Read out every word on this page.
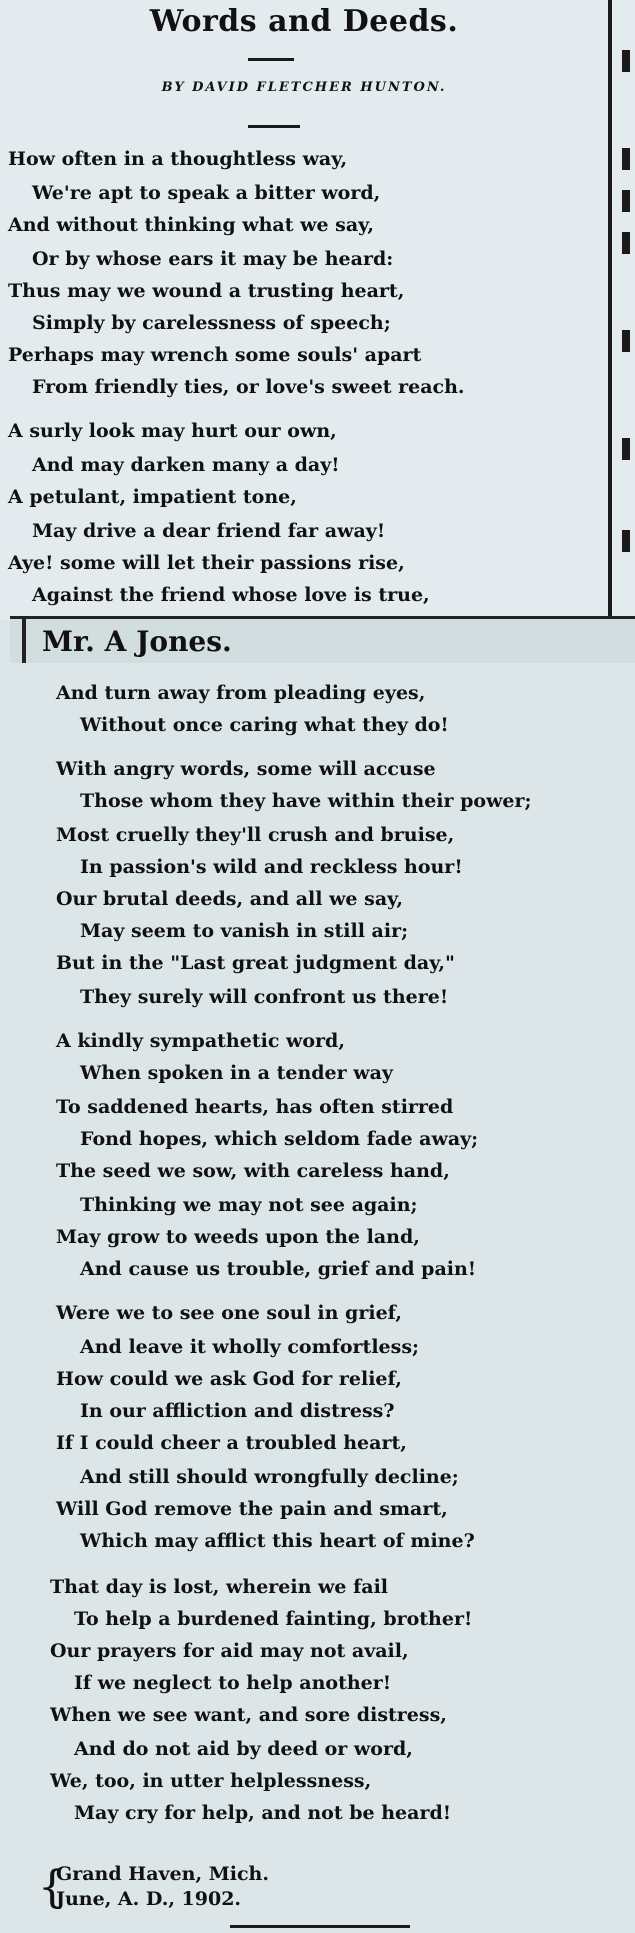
Words and Deeds.

BY DAVID FLETCHER HUNTON.

How often in a thoughtless way,
We're apt to speak a bitter word,
And without thinking what we say,
Or by whose ears it may be heard:
Thus may we wound a trusting heart,
Simply by carelessness of speech;
Perhaps may wrench some souls' apart
From friendly ties, or love's sweet reach.
A surly look may hurt our own,
And may darken many a day!
A petulant, impatient tone,
May drive a dear friend far away!
Aye! some will let their passions rise,
Against the friend whose love is true,
And turn away from pleading eyes,
Without once caring what they do!
With angry words, some will accuse
Those whom they have within their power;
Most cruelly they'll crush and bruise,
In passion's wild and reckless hour!
Our brutal deeds, and all we say,
May seem to vanish in still air;
But in the "Last great judgment day,"
They surely will confront us there!
A kindly sympathetic word,
When spoken in a tender way
To saddened hearts, has often stirred
Fond hopes, which seldom fade away;
The seed we sow, with careless hand,
Thinking we may not see again;
May grow to weeds upon the land,
And cause us trouble, grief and pain!
Were we to see one soul in grief,
And leave it wholly comfortless;
How could we ask God for relief,
In our affliction and distress?
If I could cheer a troubled heart,
And still should wrongfully decline;
Will God remove the pain and smart,
Which may afflict this heart of mine?
That day is lost, wherein we fail
To help a burdened fainting, brother!
Our prayers for aid may not avail,
If we neglect to help another!
When we see want, and sore distress,
And do not aid by deed or word,
We, too, in utter helplessness,
May cry for help, and not be heard!
Mr. A Jones.
{
Grand Haven, Mich.
June, A. D., 1902.
